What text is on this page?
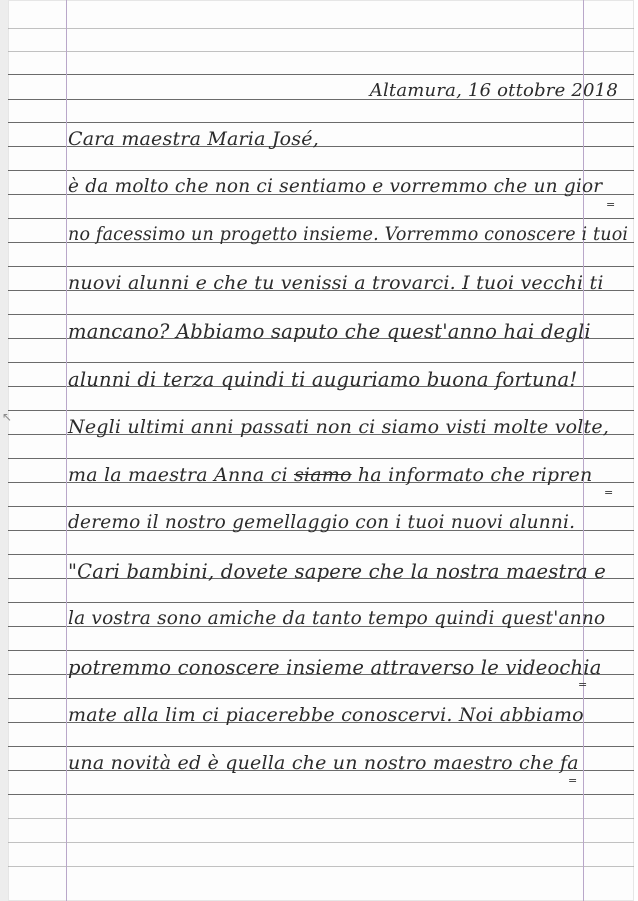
Altamura, 16 ottobre 2018

Cara maestra Maria José,

è da molto che non ci sentiamo e vorremmo che un gior

=

no facessimo un progetto insieme. Vorremmo conoscere i tuoi

nuovi alunni e che tu venissi a trovarci. I tuoi vecchi ti

mancano? Abbiamo saputo che quest'anno hai degli

alunni di terza quindi ti auguriamo buona fortuna!

Negli ultimi anni passati non ci siamo visti molte volte,

ma la maestra Anna ci siamo ha informato che ripren

=

deremo il nostro gemellaggio con i tuoi nuovi alunni.

"Cari bambini, dovete sapere che la nostra maestra e

la vostra sono amiche da tanto tempo quindi quest'anno

potremmo conoscere insieme attraverso le videochia

=

mate alla lim ci piacerebbe conoscervi. Noi abbiamo

una novità ed è quella che un nostro maestro che fa

=
↖
